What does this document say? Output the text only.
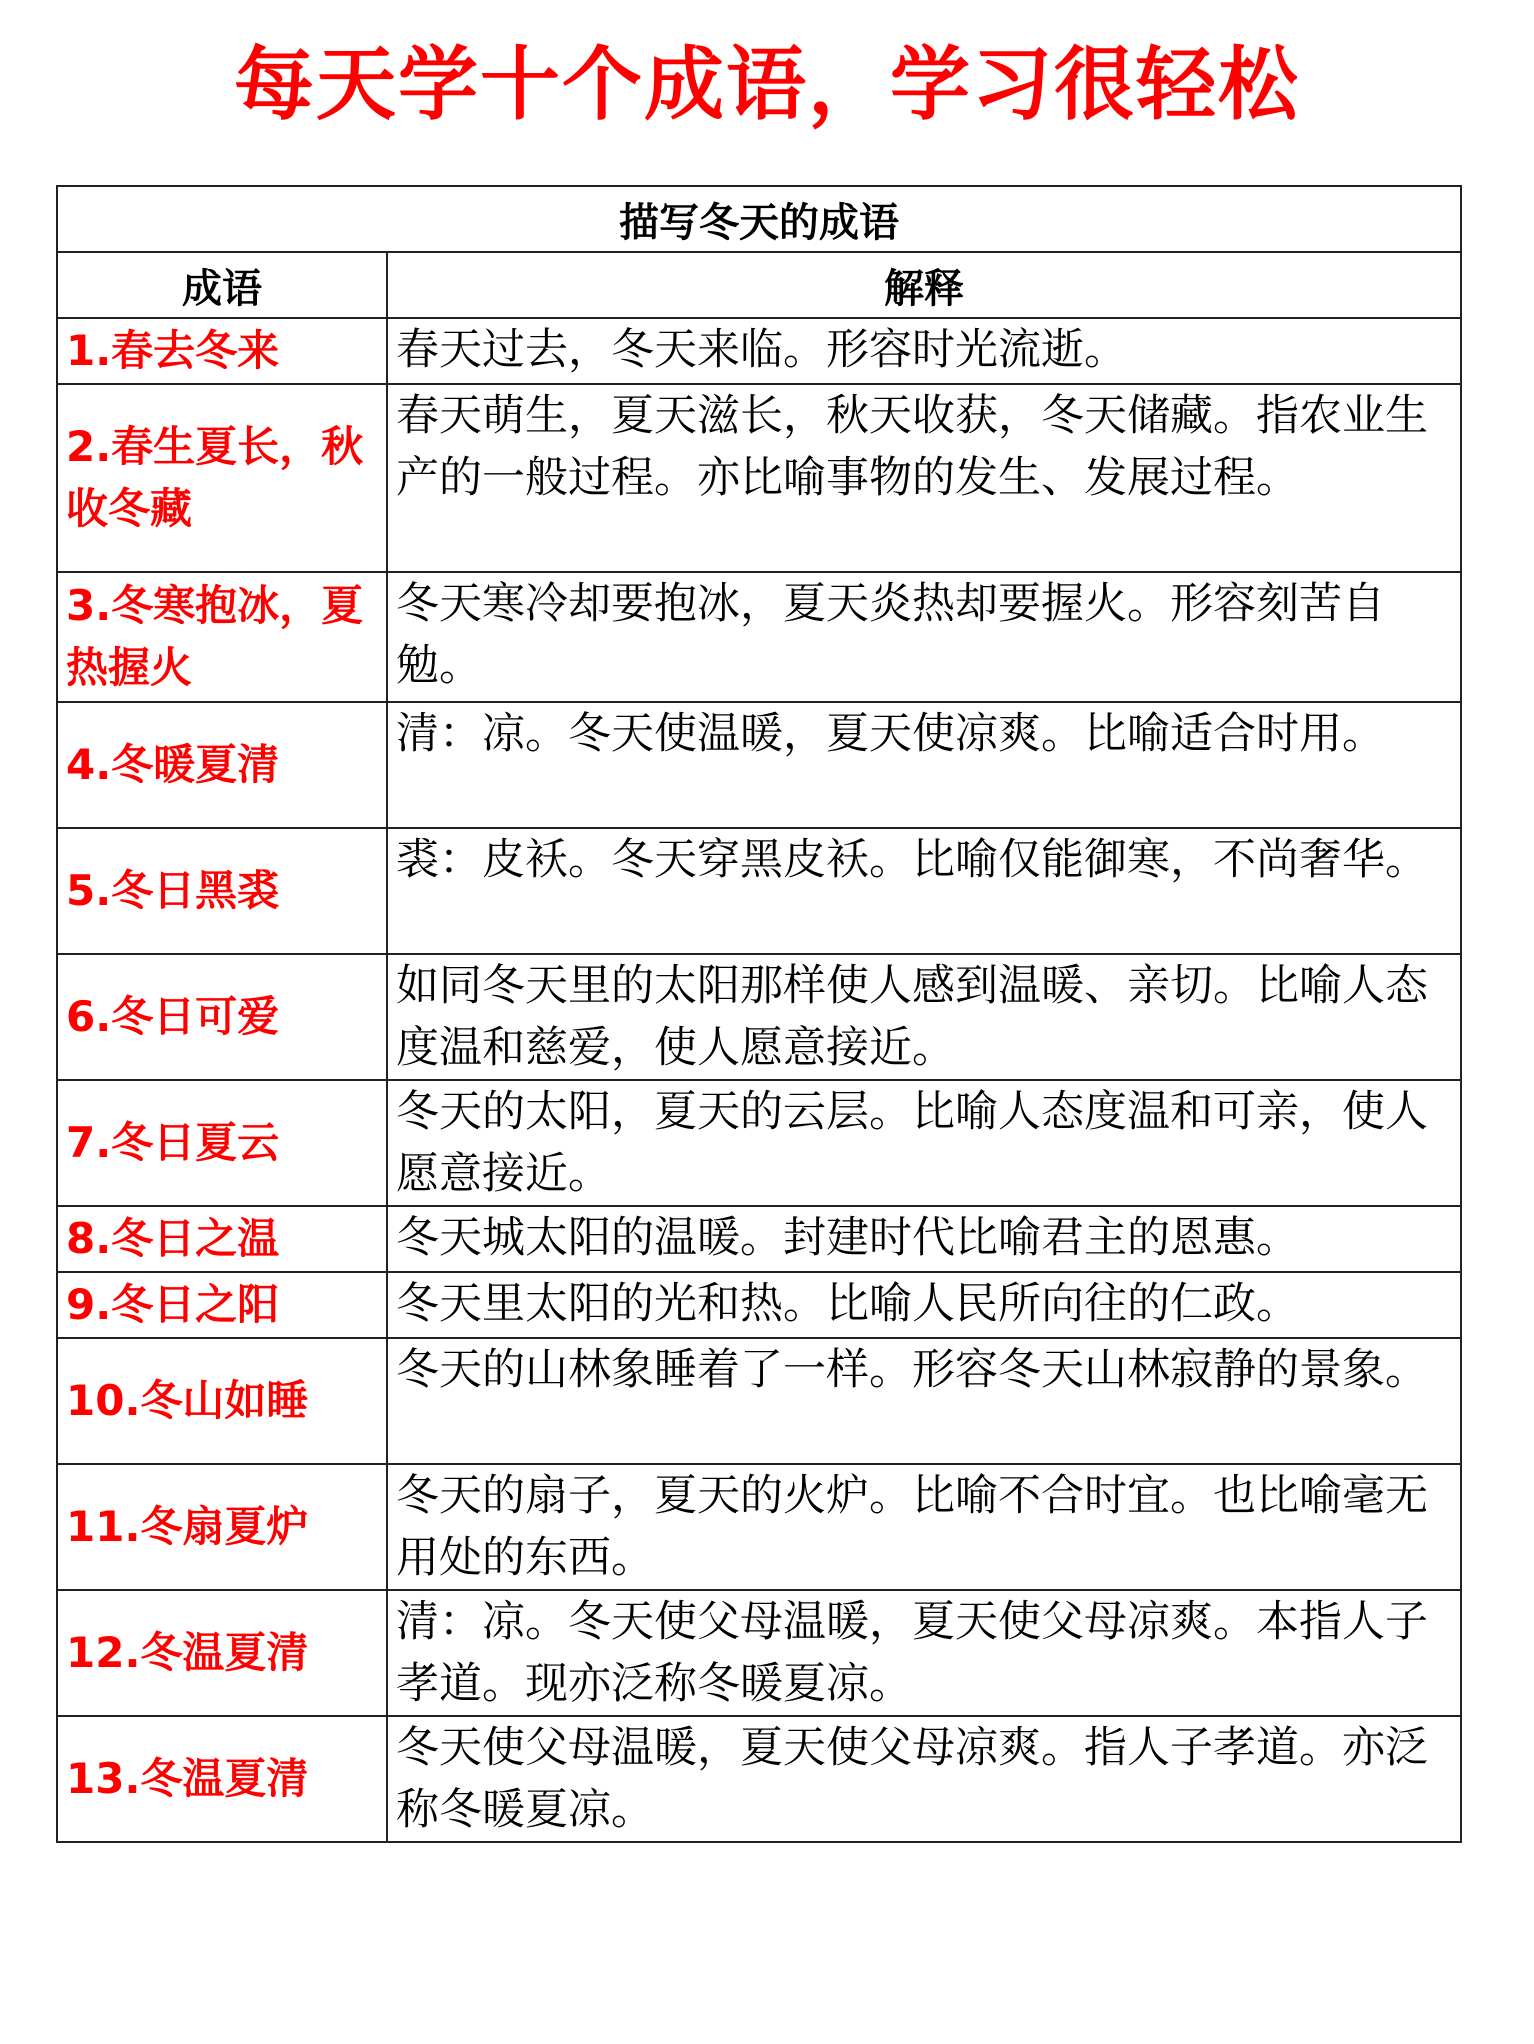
每天学十个成语，学习很轻松
描写冬天的成语	
成语	解释
1.春去冬来	春天过去，冬天来临。形容时光流逝。

2.春生夏长，秋收冬藏	春天萌生，夏天滋长，秋天收获，冬天储藏。指农业生产的一般过程。亦比喻事物的发生、发展过程。

3.冬寒抱冰，夏热握火	冬天寒冷却要抱冰，夏天炎热却要握火。形容刻苦自勉。

4.冬暖夏清	清：凉。冬天使温暖，夏天使凉爽。比喻适合时用。

5.冬日黑裘	裘：皮袄。冬天穿黑皮袄。比喻仅能御寒，不尚奢华。

6.冬日可爱	如同冬天里的太阳那样使人感到温暖、亲切。比喻人态度温和慈爱，使人愿意接近。

7.冬日夏云	冬天的太阳，夏天的云层。比喻人态度温和可亲，使人愿意接近。

8.冬日之温	冬天城太阳的温暖。封建时代比喻君主的恩惠。

9.冬日之阳	冬天里太阳的光和热。比喻人民所向往的仁政。

10.冬山如睡	冬天的山林象睡着了一样。形容冬天山林寂静的景象。

11.冬扇夏炉	冬天的扇子，夏天的火炉。比喻不合时宜。也比喻毫无用处的东西。

12.冬温夏清	清：凉。冬天使父母温暖，夏天使父母凉爽。本指人子孝道。现亦泛称冬暖夏凉。

13.冬温夏清	冬天使父母温暖，夏天使父母凉爽。指人子孝道。亦泛称冬暖夏凉。
